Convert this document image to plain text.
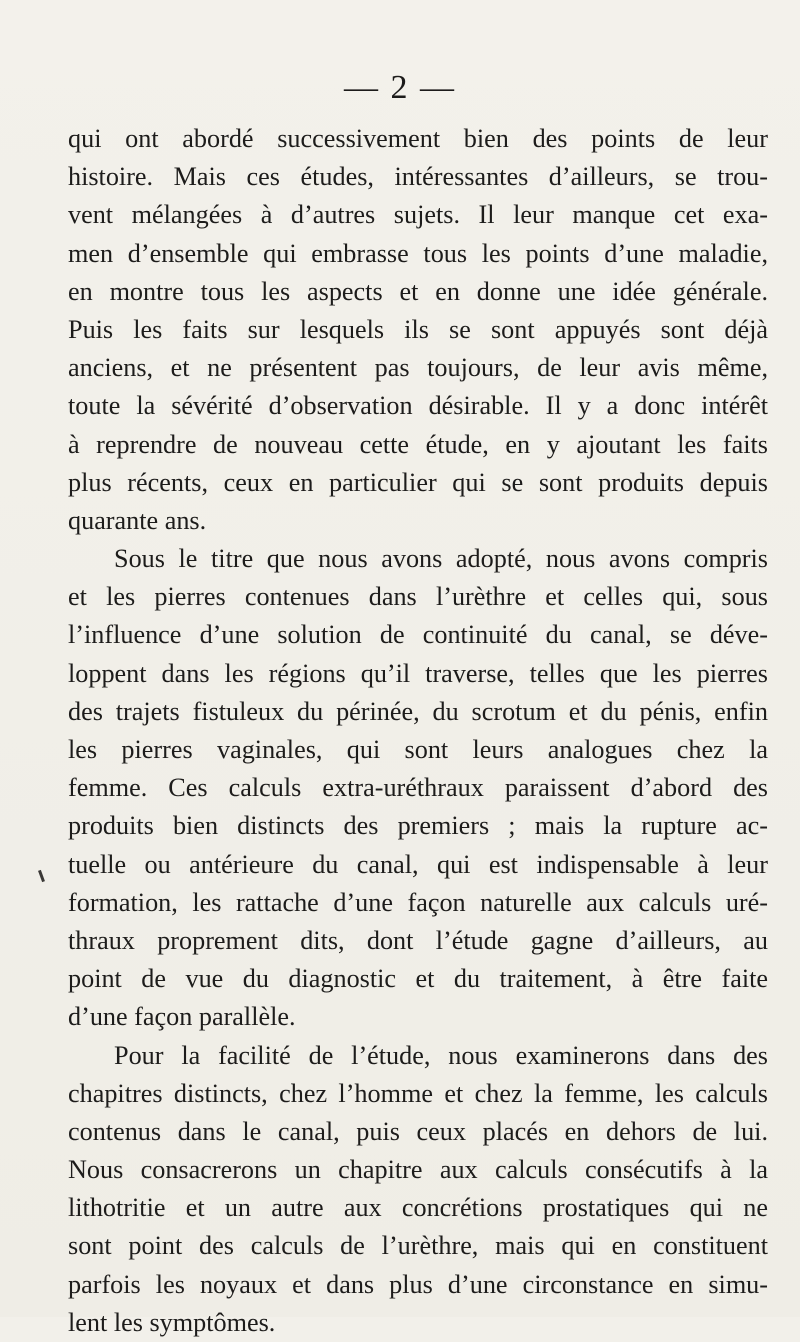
— 2 —
qui ont abordé successivement bien des points de leur
histoire. Mais ces études, intéressantes d’ailleurs, se trou-
vent mélangées à d’autres sujets. Il leur manque cet exa-
men d’ensemble qui embrasse tous les points d’une maladie,
en montre tous les aspects et en donne une idée générale.
Puis les faits sur lesquels ils se sont appuyés sont déjà
anciens, et ne présentent pas toujours, de leur avis même,
toute la sévérité d’observation désirable. Il y a donc intérêt
à reprendre de nouveau cette étude, en y ajoutant les faits
plus récents, ceux en particulier qui se sont produits depuis
quarante ans.
Sous le titre que nous avons adopté, nous avons compris
et les pierres contenues dans l’urèthre et celles qui, sous
l’influence d’une solution de continuité du canal, se déve-
loppent dans les régions qu’il traverse, telles que les pierres
des trajets fistuleux du périnée, du scrotum et du pénis, enfin
les pierres vaginales, qui sont leurs analogues chez la
femme. Ces calculs extra-uréthraux paraissent d’abord des
produits bien distincts des premiers ; mais la rupture ac-
tuelle ou antérieure du canal, qui est indispensable à leur
formation, les rattache d’une façon naturelle aux calculs uré-
thraux proprement dits, dont l’étude gagne d’ailleurs, au
point de vue du diagnostic et du traitement, à être faite
d’une façon parallèle.
Pour la facilité de l’étude, nous examinerons dans des
chapitres distincts, chez l’homme et chez la femme, les calculs
contenus dans le canal, puis ceux placés en dehors de lui.
Nous consacrerons un chapitre aux calculs consécutifs à la
lithotritie et un autre aux concrétions prostatiques qui ne
sont point des calculs de l’urèthre, mais qui en constituent
parfois les noyaux et dans plus d’une circonstance en simu-
lent les symptômes.
